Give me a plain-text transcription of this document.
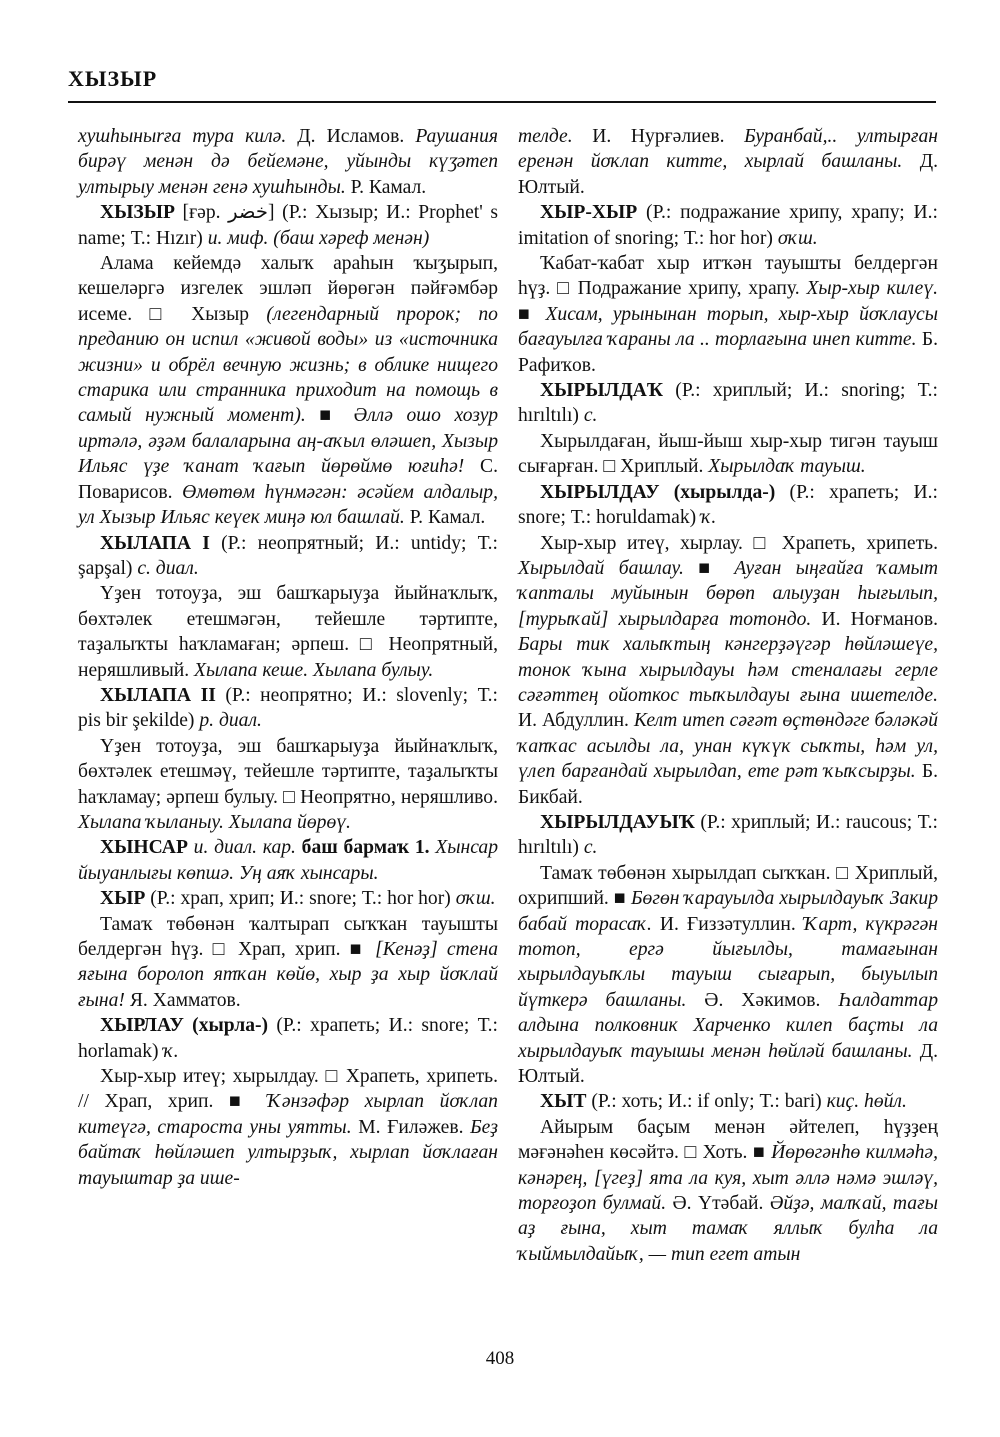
ХЫЗЫР

хушһыныrға тура килә. Д. Исламов. Раушания бирәү менән дә бейемәне, уйынды күӡәтеп ултырыу менән генә хушһынды. Р. Камал.

ХЫЗЫР [ғәр. خضر] (Р.: Хызыр; И.: Prophet' s name; Т.: Hızır) и. миф. (баш хәреф менән)

Алама кейемдә халыҡ араһын ҡыӡырып, кешеләргә изгелек эшләп йөрөгән пәйғәмбәр исеме. □ Хызыр (легендарный пророк; по преданию он испил «живой воды» из «источника жизни» и обрёл вечную жизнь; в облике нищего старика или странника приходит на помощь в самый нужный момент). ■ Әллә ошо хозур иртәлә, әҙәм балаларына аң-аҡыл өләшеп, Хызыр Ильяс үҙе ҡанат ҡағып йөрөймө юғиһә! С. Поварисов. Өмөтөм һүнмәгән: әсәйем алдалыр, ул Хызыр Ильяс кеүек миңә юл башлай. Р. Камал.

ХЫЛАПА I (Р.: неопрятный; И.: untidy; Т.: şapşal) с. диал.

Үҙен тотоуҙа, эш башҡарыуҙа йыйнаҡлыҡ, бөхтәлек етешмәгән, тейешле тәртипте, таҙалыҡты һаҡламаған; әрпеш. □ Неопрятный, неряшливый. Хылапа кеше. Хылапа булыу.

ХЫЛАПА II (Р.: неопрятно; И.: slovenly; Т.: pis bir şekilde) р. диал.

Үҙен тотоуҙа, эш башҡарыуҙа йыйнаҡлыҡ, бөхтәлек етешмәү, тейешле тәртипте, таҙалыҡты һаҡламау; әрпеш булыу. □ Неопрятно, неряшливо. Хылапа ҡыланыу. Хылапа йөрөү.

ХЫНСАР и. диал. кар. баш бармаҡ 1. Хынсар йыуанлығы көпшә. Уң аяҡ хынсары.

ХЫР (Р.: храп, хрип; И.: snore; Т.: hor hor) оҡш.

Тамаҡ төбөнән ҡалтырап сыҡҡан тауышты белдергән һүҙ. □ Храп, хрип. ■ [Кенәҙ] стена яғына боролоп ятҡан көйө, хыр ҙа хыр йоҡлай ғына! Я. Хамматов.

ХЫРЛАУ (хырла-) (Р.: храпеть; И.: snore; Т.: horlamak) ҡ.

Хыр-хыр итеү; хырылдау. □ Храпеть, хрипеть. // Храп, хрип. ■ Ҡәнзәфәр хырлап йоҡлап китеүгә, староста уны уятты. М. Ғиләжев. Беҙ байтаҡ һөйләшеп ултырҙыҡ, хырлап йоҡлаған тауыштар ҙа ише-

телде. И. Нурғәлиев. Буранбай,.. ултырған еренән йоҡлап китте, хырлай башланы. Д. Юлтый.

ХЫР-ХЫР (Р.: подражание хрипу, храпу; И.: imitation of snoring; Т.: hor hor) оҡш.

Ҡабат-ҡабат хыр итҡән тауышты белдергән һүҙ. □ Подражание хрипу, храпу. Хыр-хыр килеү. ■ Хисам, урынынан торып, хыр-хыр йоҡлаусы бағауылға ҡараны ла .. торлағына инеп китте. Б. Рафиҡов.

ХЫРЫЛДАҠ (Р.: хриплый; И.: snoring; Т.: hırıltılı) с.

Хырылдаған, йыш-йыш хыр-хыр тигән тауыш сығарған. □ Хриплый. Хырылдаҡ тауыш.

ХЫРЫЛДАУ (хырылда-) (Р.: храпеть; И.: snore; Т.: horuldamak) ҡ.

Хыр-хыр итеү, хырлау. □ Храпеть, хрипеть. Хырылдай башлау. ■ Ауған ыңғайға ҡамыт ҡапталы муйынын бөрөп алыуҙан һығылып, [турыҡай] хырылдарға тотондо. И. Ноғманов. Бары тик халыҡтың кәнгерҙәүгәр һөйләшеүе, тонок ҡына хырылдауы һәм стеналағы герле сәғәттең ойоткос тыҡылдауы ғына ишетелде. И. Абдуллин. Келт итеп сәғәт өҫтөндәге бәләкәй ҡапҡас асылды ла, унан күҡүк сыҡты, һәм ул, үлеп барғандай хырылдап, ете рәт ҡыҡсырҙы. Б. Бикбай.

ХЫРЫЛДАУЫҠ (Р.: хриплый; И.: raucous; Т.: hırıltılı) с.

Тамаҡ төбөнән хырылдап сыҡҡан. □ Хриплый, охрипший. ■ Бөгөн ҡарауылда хырылдауыҡ Закир бабай торасаҡ. И. Ғиззәтуллин. Ҡарт, күкрәгән тотоп, ергә йығылды, тамағынан хырылдауыҡлы тауыш сығарып, быуылып йүткерә башланы. Ә. Хәкимов. Һалдаттар алдына полковник Харченко килеп баҫты ла хырылдауыҡ тауышы менән һөйләй башланы. Д. Юлтый.

ХЫТ (Р.: хоть; И.: if only; Т.: bari) киҫ. һөйл.

Айырым баҫым менән әйтелеп, һүҙҙең мәғәнәһен көсәйтә. □ Хоть. ■ Йөрөгәнһө килмәһә, кәнәрең, [үгеҙ] ята ла куя, хыт әллә нәмә эшләү, торғоҙоп булмай. Ә. Үтәбай. Әйҙә, малҡай, тағы аҙ ғына, хыт тамаҡ яллыҡ булһа ла ҡыймылдайыҡ, — тип егет атын

408
